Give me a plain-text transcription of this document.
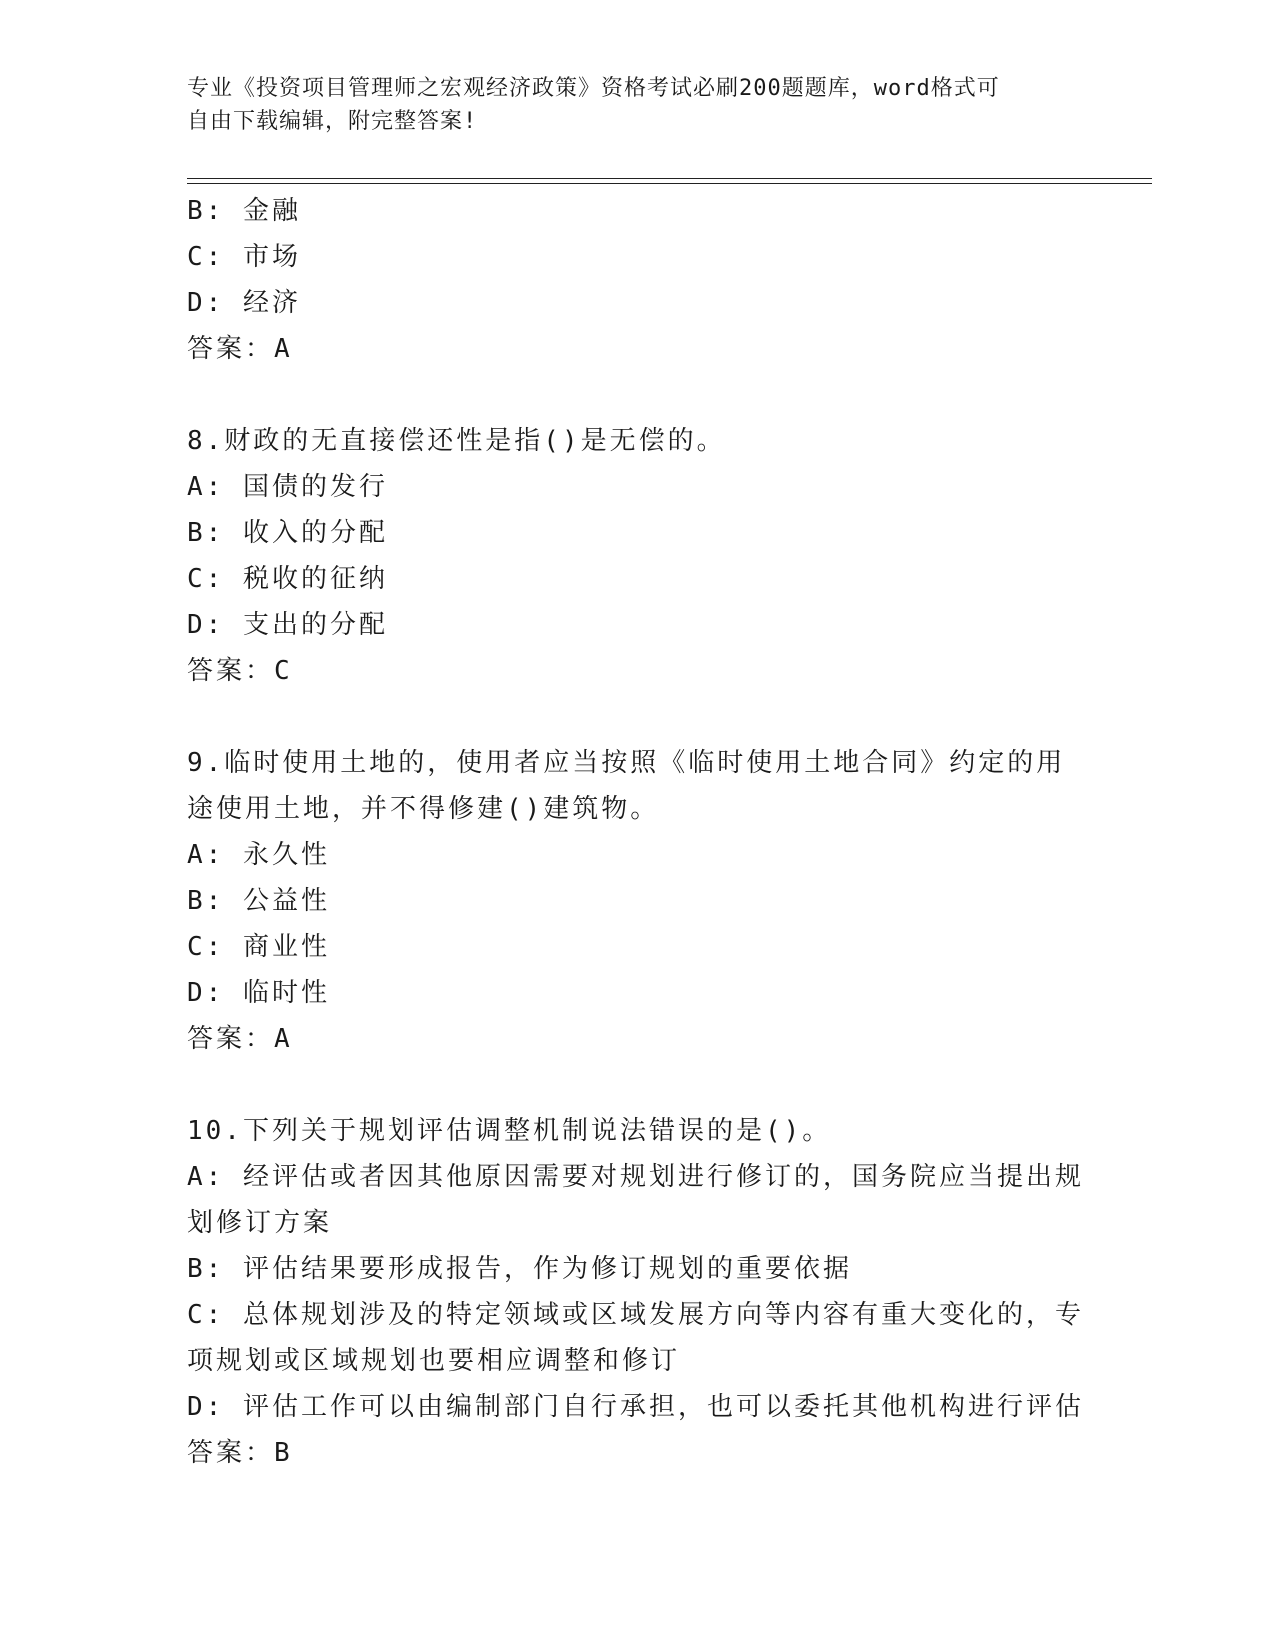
专业《投资项目管理师之宏观经济政策》资格考试必刷200题题库，word格式可
自由下载编辑，附完整答案!
B: 金融
C: 市场
D: 经济
答案：A
8.财政的无直接偿还性是指()是无偿的。
A: 国债的发行
B: 收入的分配
C: 税收的征纳
D: 支出的分配
答案：C
9.临时使用土地的，使用者应当按照《临时使用土地合同》约定的用
途使用土地，并不得修建()建筑物。
A: 永久性
B: 公益性
C: 商业性
D: 临时性
答案：A
10.下列关于规划评估调整机制说法错误的是()。
A: 经评估或者因其他原因需要对规划进行修订的，国务院应当提出规
划修订方案
B: 评估结果要形成报告，作为修订规划的重要依据
C: 总体规划涉及的特定领域或区域发展方向等内容有重大变化的，专
项规划或区域规划也要相应调整和修订
D: 评估工作可以由编制部门自行承担，也可以委托其他机构进行评估
答案：B
